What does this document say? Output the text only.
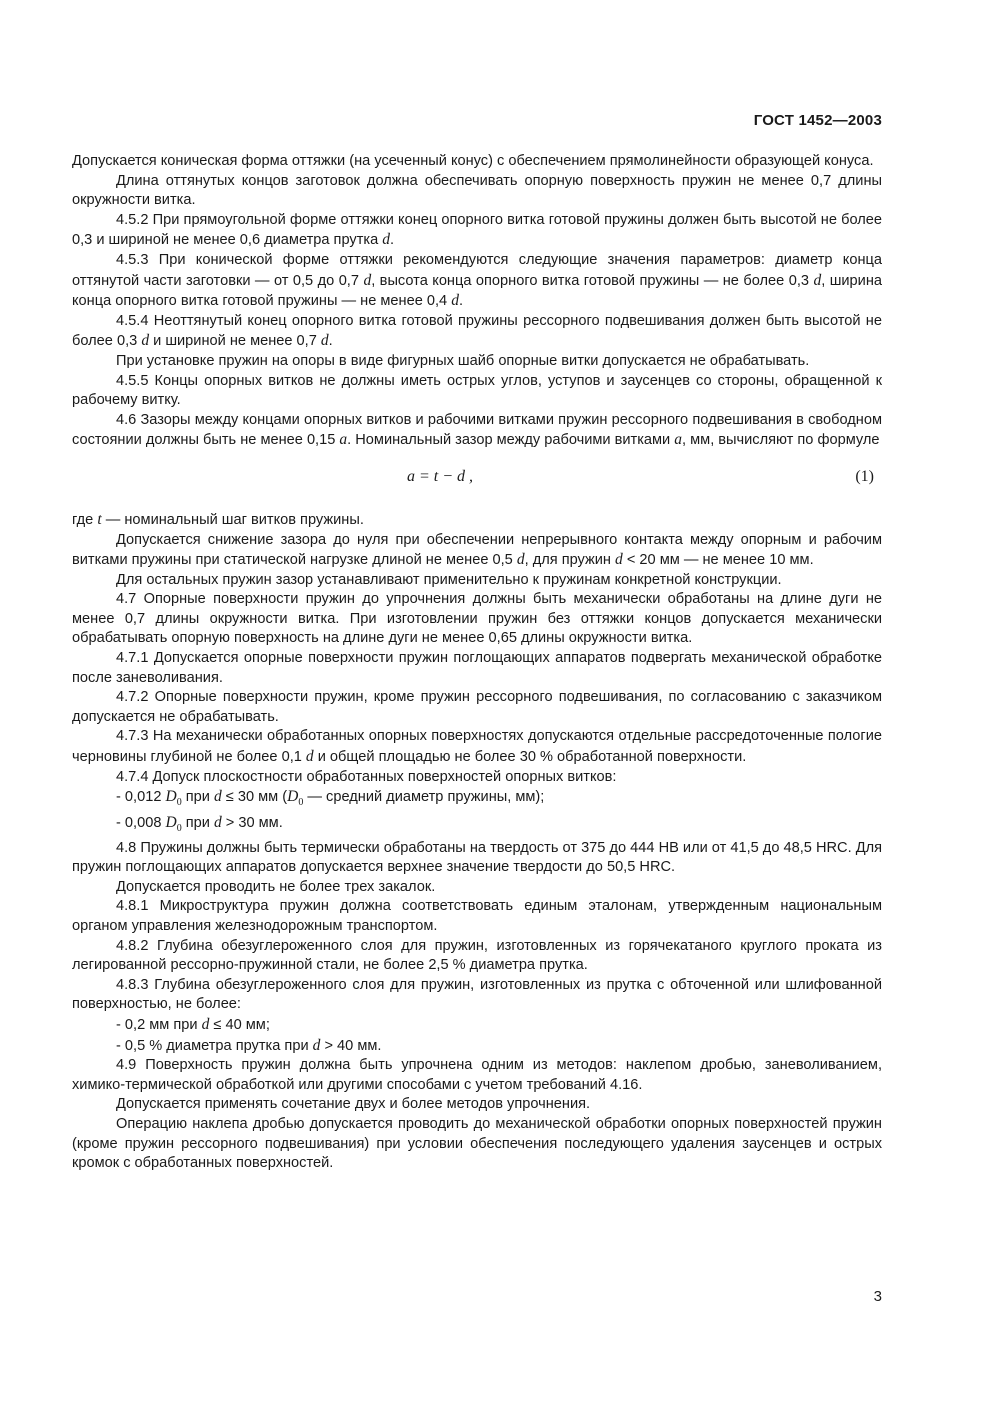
ГОСТ 1452—2003

Допускается коническая форма оттяжки (на усеченный конус) с обеспечением прямолинейности образующей конуса.

Длина оттянутых концов заготовок должна обеспечивать опорную поверхность пружин не менее 0,7 длины окружности витка.

4.5.2 При прямоугольной форме оттяжки конец опорного витка готовой пружины должен быть высотой не более 0,3 и шириной не менее 0,6 диаметра прутка d.

4.5.3 При конической форме оттяжки рекомендуются следующие значения параметров: диаметр конца оттянутой части заготовки — от 0,5 до 0,7 d, высота конца опорного витка готовой пружины — не более 0,3 d, ширина конца опорного витка готовой пружины — не менее 0,4 d.

4.5.4 Неоттянутый конец опорного витка готовой пружины рессорного подвешивания должен быть высотой не более 0,3 d и шириной не менее 0,7 d.

При установке пружин на опоры в виде фигурных шайб опорные витки допускается не обрабатывать.

4.5.5 Концы опорных витков не должны иметь острых углов, уступов и заусенцев со стороны, обращенной к рабочему витку.

4.6 Зазоры между концами опорных витков и рабочими витками пружин рессорного подвешивания в свободном состоянии должны быть не менее 0,15 a. Номинальный зазор между рабочими витками a, мм, вычисляют по формуле

a = t − d ,	(1)

где t — номинальный шаг витков пружины.

Допускается снижение зазора до нуля при обеспечении непрерывного контакта между опорным и рабочим витками пружины при статической нагрузке длиной не менее 0,5 d, для пружин d < 20 мм — не менее 10 мм.

Для остальных пружин зазор устанавливают применительно к пружинам конкретной конструкции.

4.7 Опорные поверхности пружин до упрочнения должны быть механически обработаны на длине дуги не менее 0,7 длины окружности витка. При изготовлении пружин без оттяжки концов допускается механически обрабатывать опорную поверхность на длине дуги не менее 0,65 длины окружности витка.

4.7.1 Допускается опорные поверхности пружин поглощающих аппаратов подвергать механической обработке после заневоливания.

4.7.2 Опорные поверхности пружин, кроме пружин рессорного подвешивания, по согласованию с заказчиком допускается не обрабатывать.

4.7.3 На механически обработанных опорных поверхностях допускаются отдельные рассредоточенные пологие черновины глубиной не более 0,1 d и общей площадью не более 30 % обработанной поверхности.

4.7.4 Допуск плоскостности обработанных поверхностей опорных витков:

- 0,012 $D_0$ при d ≤ 30 мм ($D_0$ — средний диаметр пружины, мм);

- 0,008 $D_0$ при d > 30 мм.

4.8 Пружины должны быть термически обработаны на твердость от 375 до 444 НВ или от 41,5 до 48,5 HRC. Для пружин поглощающих аппаратов допускается верхнее значение твердости до 50,5 HRC.

Допускается проводить не более трех закалок.

4.8.1 Микроструктура пружин должна соответствовать единым эталонам, утвержденным национальным органом управления железнодорожным транспортом.

4.8.2 Глубина обезуглероженного слоя для пружин, изготовленных из горячекатаного круглого проката из легированной рессорно-пружинной стали, не более 2,5 % диаметра прутка.

4.8.3 Глубина обезуглероженного слоя для пружин, изготовленных из прутка с обточенной или шлифованной поверхностью, не более:

- 0,2 мм при d ≤ 40 мм;

- 0,5 % диаметра прутка при d > 40 мм.

4.9 Поверхность пружин должна быть упрочнена одним из методов: наклепом дробью, заневоливанием, химико-термической обработкой или другими способами с учетом требований 4.16.

Допускается применять сочетание двух и более методов упрочнения.

Операцию наклепа дробью допускается проводить до механической обработки опорных поверхностей пружин (кроме пружин рессорного подвешивания) при условии обеспечения последующего удаления заусенцев и острых кромок с обработанных поверхностей.

3
